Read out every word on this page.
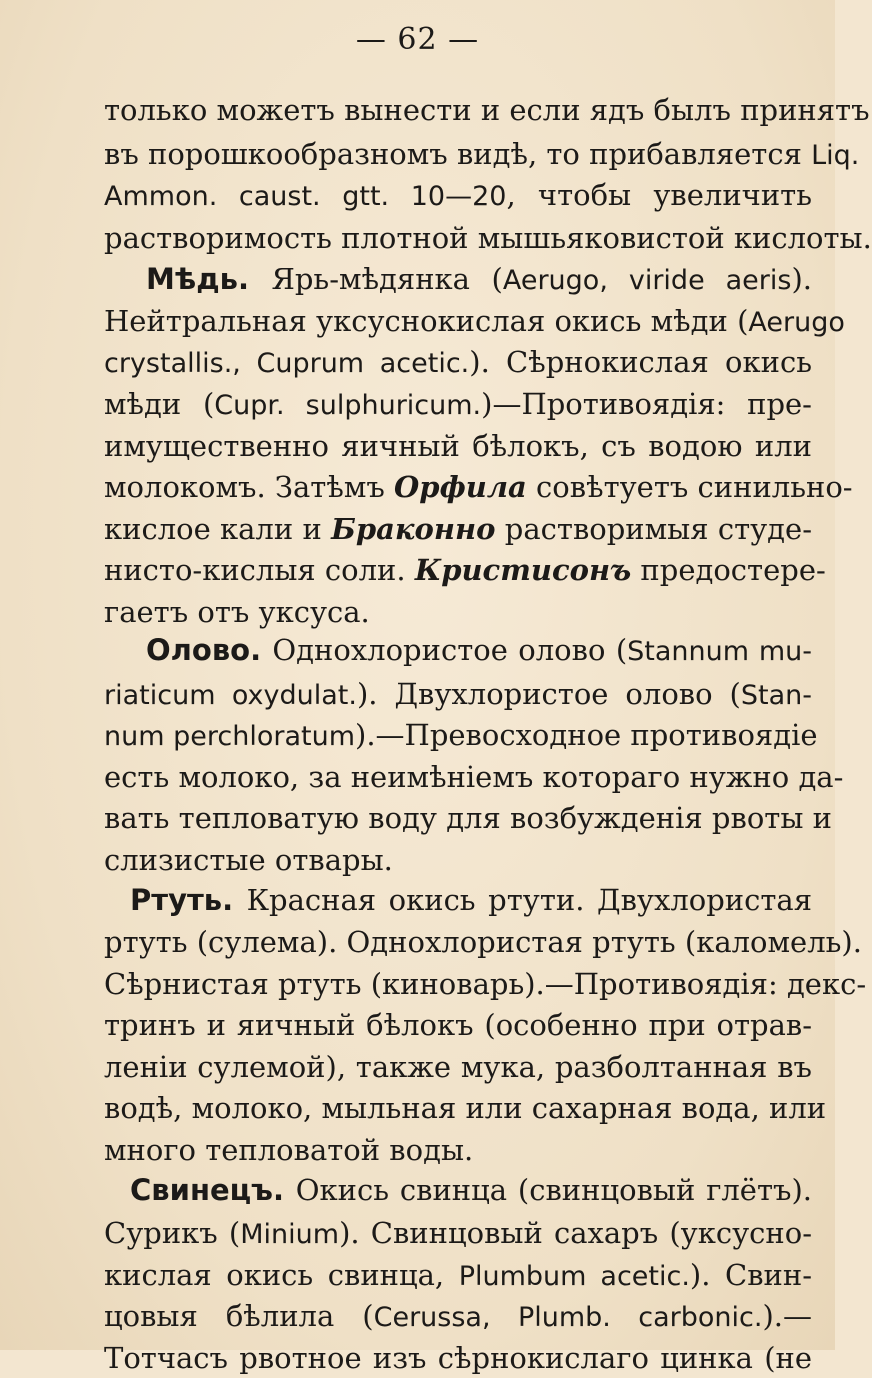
— 62 —
только можетъ вынести и если ядъ былъ принятъ
въ порошкообразномъ видѣ, то прибавляется Liq.
Ammon. caust. gtt. 10—20, чтобы увеличить
растворимость плотной мышьяковистой кислоты.
Мѣдь. Ярь-мѣдянка (Aerugo, viride aeris).
Нейтральная уксуснокислая окись мѣди (Aerugo
crystallis., Cuprum acetic.). Сѣрнокислая окись
мѣди (Cupr. sulphuricum.)—Противоядія: пре-
имущественно яичный бѣлокъ, съ водою или
молокомъ. Затѣмъ Орфила совѣтуетъ синильно-
кислое кали и Браконно растворимыя студе-
нисто-кислыя соли. Кристисонъ предостере-
гаетъ отъ уксуса.
Олово. Однохлористое олово (Stannum mu-
riaticum oxydulat.). Двухлористое олово (Stan-
num perchloratum).—Превосходное противоядіе
есть молоко, за неимѣніемъ котораго нужно да-
вать тепловатую воду для возбужденія рвоты и
слизистые отвары.
Ртуть. Красная окись ртути. Двухлористая
ртуть (сулема). Однохлористая ртуть (каломель).
Сѣрнистая ртуть (киноварь).—Противоядія: декс-
тринъ и яичный бѣлокъ (особенно при отрав-
леніи сулемой), также мука, разболтанная въ
водѣ, молоко, мыльная или сахарная вода, или
много тепловатой воды.
Свинецъ. Окись свинца (свинцовый глётъ).
Сурикъ (Minium). Свинцовый сахаръ (уксусно-
кислая окись свинца, Plumbum acetic.). Свин-
цовыя бѣлила (Cerussa, Plumb. carbonic.).—
Тотчасъ рвотное изъ сѣрнокислаго цинка (не
